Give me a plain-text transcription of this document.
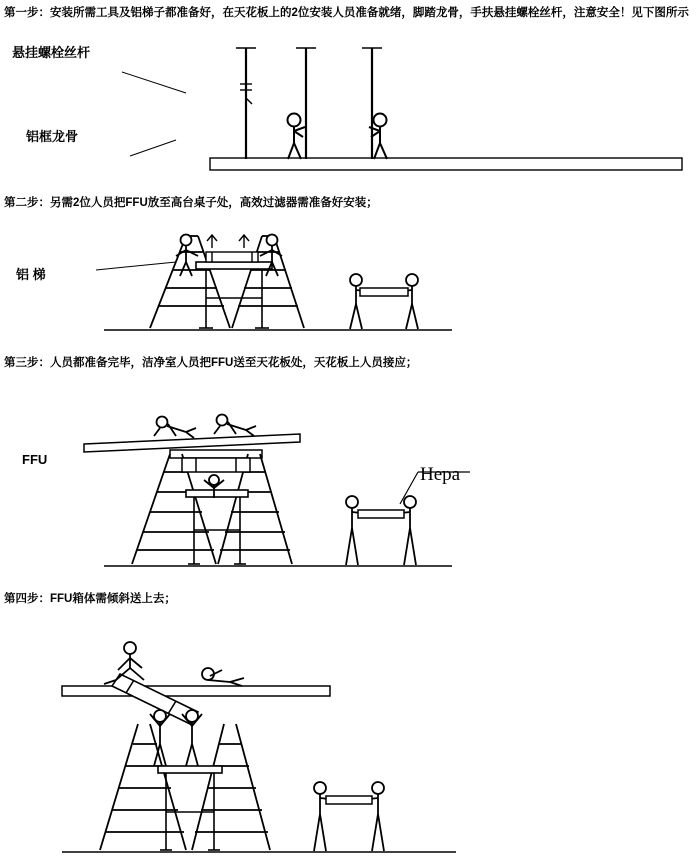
第一步：安装所需工具及铝梯子都准备好，在天花板上的2位安装人员准备就绪，脚踏龙骨，手扶悬挂螺栓丝杆，注意安全！见下图所示
悬挂螺栓丝杆
铝框龙骨
第二步：另需2位人员把FFU放至高台桌子处，高效过滤器需准备好安装；
铝 梯
第三步：人员都准备完毕，洁净室人员把FFU送至天花板处，天花板上人员接应；
FFU
Hepa
第四步：FFU箱体需倾斜送上去；
